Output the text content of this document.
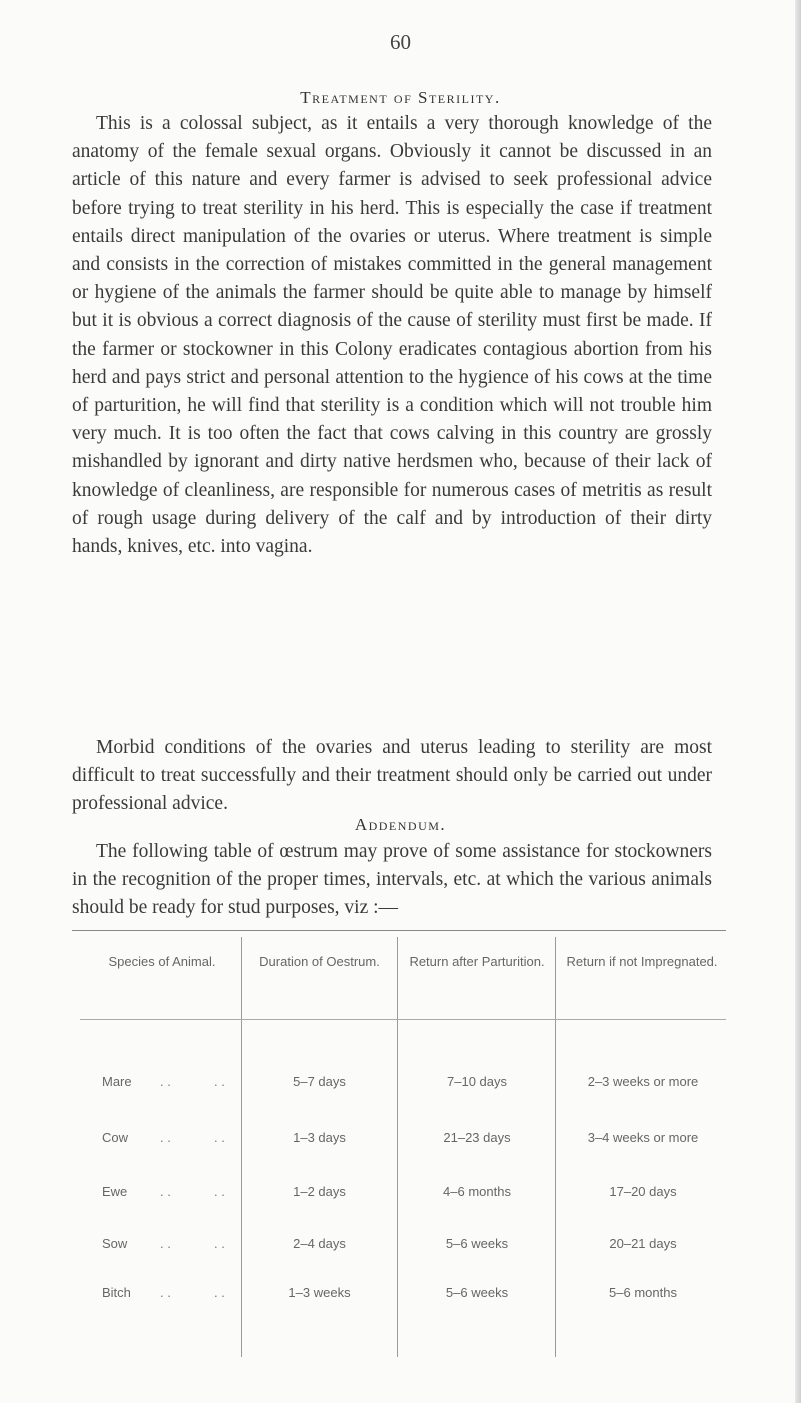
60
Treatment of Sterility.

This is a colossal subject, as it entails a very thorough knowledge of the anatomy of the female sexual organs. Obviously it cannot be discussed in an article of this nature and every farmer is advised to seek professional advice before trying to treat sterility in his herd. This is especially the case if treatment entails direct manipulation of the ovaries or uterus. Where treatment is simple and consists in the correction of mistakes committed in the general management or hygiene of the animals the farmer should be quite able to manage by himself but it is obvious a correct diagnosis of the cause of sterility must first be made. If the farmer or stockowner in this Colony eradicates contagious abortion from his herd and pays strict and personal attention to the hygience of his cows at the time of parturition, he will find that sterility is a condition which will not trouble him very much. It is too often the fact that cows calving in this country are grossly mishandled by ignorant and dirty native herdsmen who, because of their lack of knowledge of cleanliness, are responsible for numerous cases of metritis as result of rough usage during delivery of the calf and by introduction of their dirty hands, knives, etc. into vagina.

Morbid conditions of the ovaries and uterus leading to sterility are most difficult to treat successfully and their treatment should only be carried out under professional advice.

Addendum.

The following table of œstrum may prove of some assistance for stockowners in the recognition of the proper times, intervals, etc. at which the various animals should be ready for stud purposes, viz :—

Species of Animal.	Duration of Oestrum.	Return after Parturition.	Return if not Impregnated.
Mare . .	. .	5–7 days	7–10 days	2–3 weeks or more
Cow . .	. .	1–3 days	21–23 days	3–4 weeks or more
Ewe	. .	. .	1–2 days	4–6 months	17–20 days
Sow	. .	. .	2–4 days	5–6 weeks	20–21 days
Bitch . .	. .	1–3 weeks	5–6 weeks	5–6 months
